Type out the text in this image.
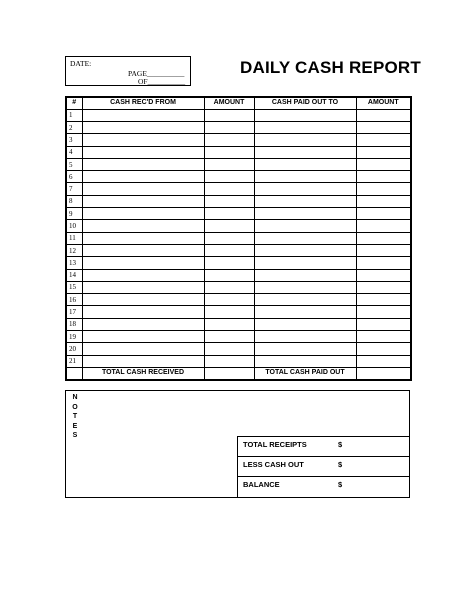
DATE:
PAGE__________
OF__________
DAILY CASH REPORT
#	CASH REC'D FROM	AMOUNT	CASH PAID OUT TO	AMOUNT
1				
2				
3				
4				
5				
6				
7				
8				
9				
10				
11				
12				
13				
14				
15				
16				
17				
18				
19				
20				
21				
	TOTAL CASH RECEIVED		TOTAL CASH PAID OUT	
N
O
T
E
S
TOTAL RECEIPTS	$
LESS CASH OUT	$
BALANCE	$
